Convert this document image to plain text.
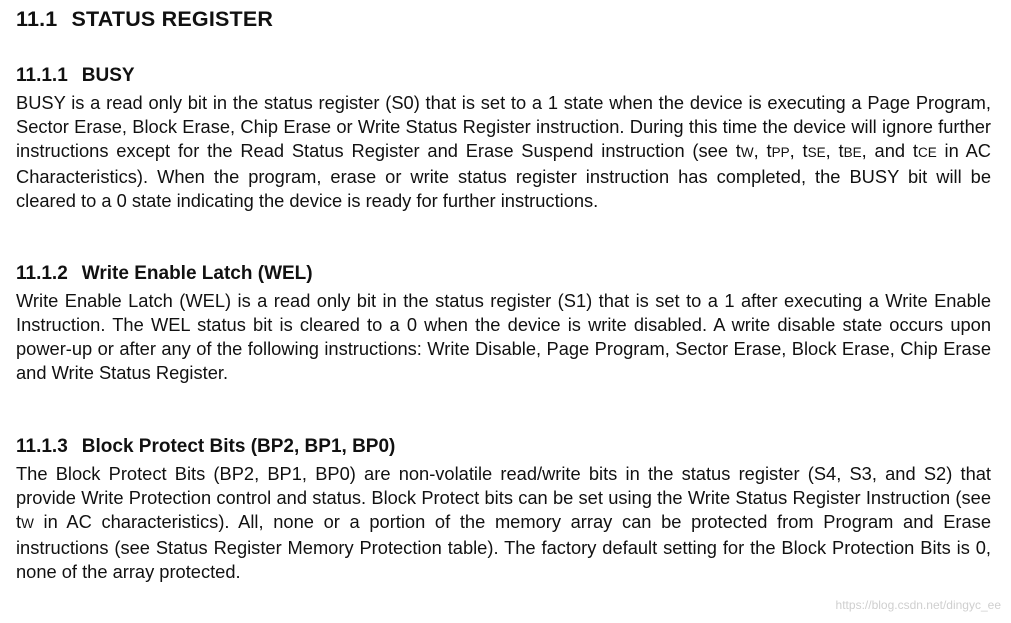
11.1 STATUS REGISTER
11.1.1 BUSY

BUSY is a read only bit in the status register (S0) that is set to a 1 state when the device is executing a Page Program, Sector Erase, Block Erase, Chip Erase or Write Status Register instruction. During this time the device will ignore further instructions except for the Read Status Register and Erase Suspend instruction (see tW, tPP, tSE, tBE, and tCE in AC Characteristics). When the program, erase or write status register instruction has completed, the BUSY bit will be cleared to a 0 state indicating the device is ready for further instructions.

11.1.2 Write Enable Latch (WEL)

Write Enable Latch (WEL) is a read only bit in the status register (S1) that is set to a 1 after executing a Write Enable Instruction. The WEL status bit is cleared to a 0 when the device is write disabled. A write disable state occurs upon power-up or after any of the following instructions: Write Disable, Page Program, Sector Erase, Block Erase, Chip Erase and Write Status Register.

11.1.3 Block Protect Bits (BP2, BP1, BP0)

The Block Protect Bits (BP2, BP1, BP0) are non-volatile read/write bits in the status register (S4, S3, and S2) that provide Write Protection control and status. Block Protect bits can be set using the Write Status Register Instruction (see tW in AC characteristics). All, none or a portion of the memory array can be protected from Program and Erase instructions (see Status Register Memory Protection table). The factory default setting for the Block Protection Bits is 0, none of the array protected.

https://blog.csdn.net/dingyc_ee
